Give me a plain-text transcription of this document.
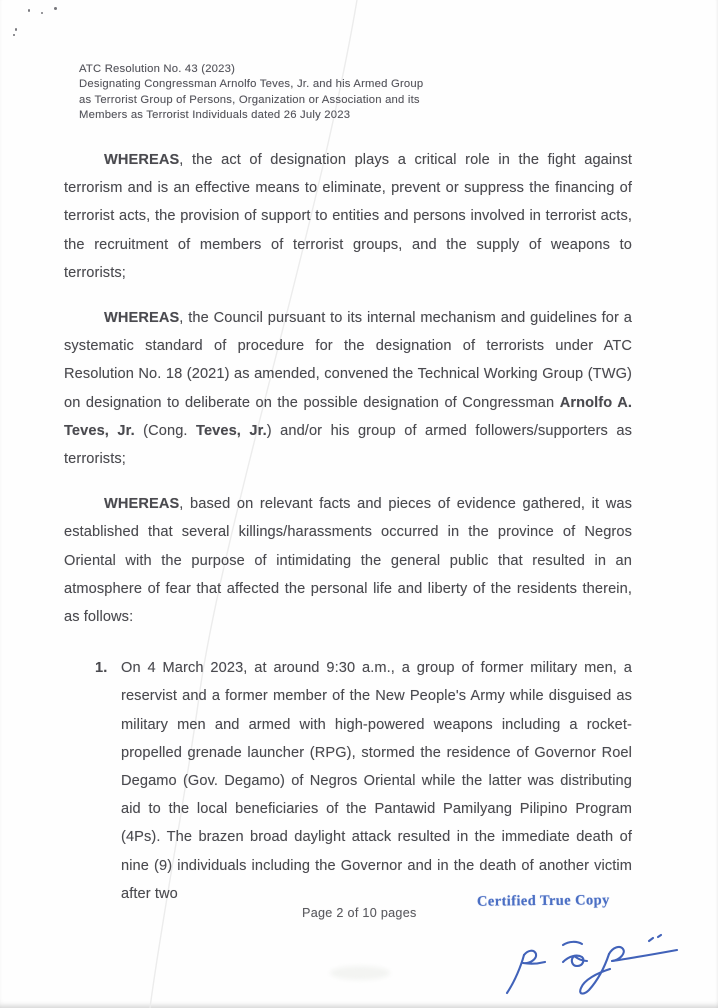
ATC Resolution No. 43 (2023)
Designating Congressman Arnolfo Teves, Jr. and his Armed Group
as Terrorist Group of Persons, Organization or Association and its
Members as Terrorist Individuals dated 26 July 2023

WHEREAS, the act of designation plays a critical role in the fight against terrorism and is an effective means to eliminate, prevent or suppress the financing of terrorist acts, the provision of support to entities and persons involved in terrorist acts, the recruitment of members of terrorist groups, and the supply of weapons to terrorists;

WHEREAS, the Council pursuant to its internal mechanism and guidelines for a systematic standard of procedure for the designation of terrorists under ATC Resolution No. 18 (2021) as amended, convened the Technical Working Group (TWG) on designation to deliberate on the possible designation of Congressman Arnolfo A. Teves, Jr. (Cong. Teves, Jr.) and/or his group of armed followers/supporters as terrorists;

WHEREAS, based on relevant facts and pieces of evidence gathered, it was established that several killings/harassments occurred in the province of Negros Oriental with the purpose of intimidating the general public that resulted in an atmosphere of fear that affected the personal life and liberty of the residents therein, as follows:

1. On 4 March 2023, at around 9:30 a.m., a group of former military men, a reservist and a former member of the New People's Army while disguised as military men and armed with high-powered weapons including a rocket-propelled grenade launcher (RPG), stormed the residence of Governor Roel Degamo (Gov. Degamo) of Negros Oriental while the latter was distributing aid to the local beneficiaries of the Pantawid Pamilyang Pilipino Program (4Ps). The brazen broad daylight attack resulted in the immediate death of nine (9) individuals including the Governor and in the death of another victim after two
Page 2 of 10 pages
Certified True Copy
